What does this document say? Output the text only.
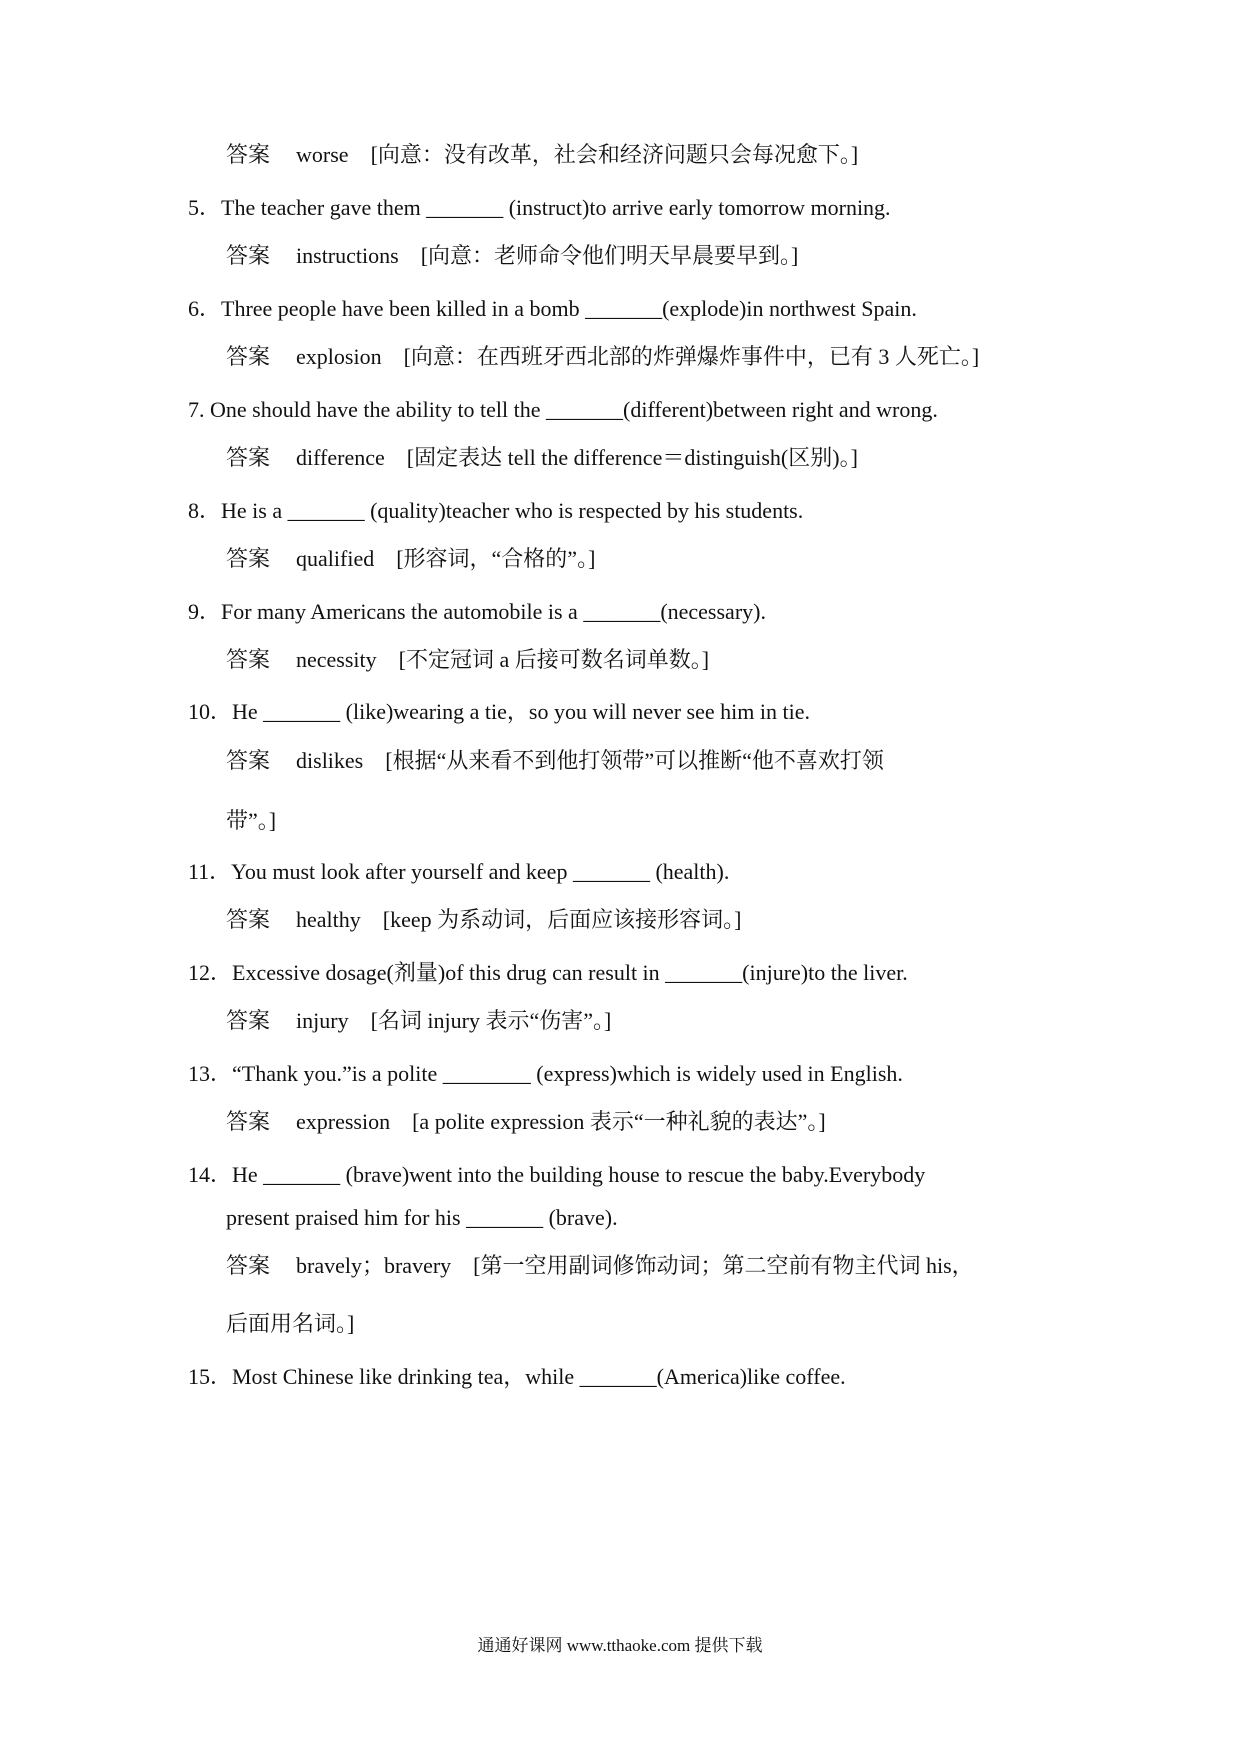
答案 worse [向意：没有改革，社会和经济问题只会每况愈下。]
5．The teacher gave them _______ (instruct)to arrive early tomorrow morning.
答案 instructions [向意：老师命令他们明天早晨要早到。]
6．Three people have been killed in a bomb _______(explode)in northwest Spain.
答案 explosion [向意：在西班牙西北部的炸弹爆炸事件中，已有 3 人死亡。]
7. One should have the ability to tell the _______(different)between right and wrong.
答案 difference [固定表达 tell the difference＝distinguish(区别)。]
8．He is a _______ (quality)teacher who is respected by his students.
答案 qualified [形容词，“合格的”。]
9．For many Americans the automobile is a _______(necessary).
答案 necessity [不定冠词 a 后接可数名词单数。]
10．He _______ (like)wearing a tie，so you will never see him in tie.
答案 dislikes [根据“从来看不到他打领带”可以推断“他不喜欢打领
带”。]
11．You must look after yourself and keep _______ (health).
答案 healthy [keep 为系动词，后面应该接形容词。]
12．Excessive dosage(剂量)of this drug can result in _______(injure)to the liver.
答案 injury [名词 injury 表示“伤害”。]
13．“Thank you.”is a polite ________ (express)which is widely used in English.
答案 expression [a polite expression 表示“一种礼貌的表达”。]
14．He _______ (brave)went into the building house to rescue the baby.Everybody
present praised him for his _______ (brave).
答案 bravely；bravery [第一空用副词修饰动词；第二空前有物主代词 his，
后面用名词。]
15．Most Chinese like drinking tea，while _______(America)like coffee.
通通好课网 www.tthaoke.com 提供下载
